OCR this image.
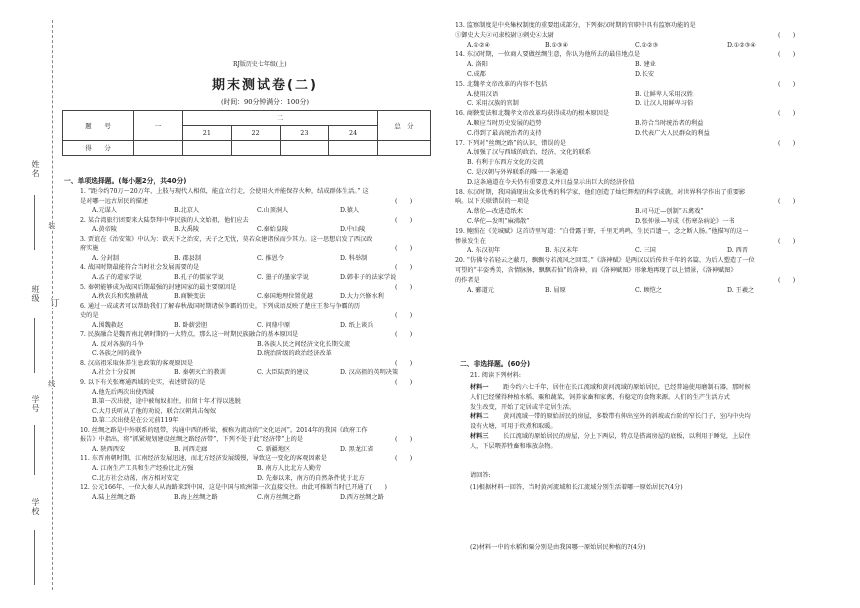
姓名
班级
学号
学校
装
订
线
RJ版历史七年级(上)
期末测试卷(二)
(时间：90分钟满分：100分)
题　　号	一	二				总　分
		21	22	23	24	
得　　分						
一、单项选择题。(每小题2分，共40分)
1. “距今约70万～20万年，上肢与现代人相似，能直立行走，会使用火并能保存火种，结成群体生活。” 这
是对哪一远古居民的描述	(　　)
A.元谋人	B.北京人	C.山顶洞人	D.猿人
2. 某合湾旅行团要来大陆祭拜中华民族的人文始祖，他们应去	(　　)
A.黄帝陵	B.大禹陵	C.秦始皇陵	D.中山陵
3. 贾谊在《治安策》中认为：欲天下之治安，天子之无忧，莫若众建诸侯而少其力。这一思想启发了西汉政
府实施	(　　)
A. 分封制	B. 郡县制	C. 推恩令	D. 科举制
4. 战国时期最能符合当时社会发展需要的是	(　　)
A.孟子的道家学说	B.孔子的儒家学说	C. 墨子的墨家学说	D.韩非子的法家学说
5. 秦朝能够成为战国后期最强的封建国家的最主要原因是	(　　)
A.秩农兵和奖励耕战	B.商鞅变法	C.秦国地理位置优越	D.大力兴修水利
6. 通过一成或者可以帮助我们了解春秋战国时期诸侯争霸的历史。下列成语反映了楚庄王参与争霸的历
史的是	(　　)
A.围魏救赵	B. 卧薪尝胆	C. 问鼎中原	D. 纸上谈兵
7. 民族融合是魏晋南北朝时期的一大特点，那么这一时期民族融合的基本原因是	(　　)
A. 反对各族的斗争	B.各族人民之间经济文化长期交流
C.各族之间的战争	D.统治阶级的政治经济改革
8. 汉高祖采取休养生息政策的客观原因是	(　　)
A.社会十分贫困	B. 秦朝灭亡的教训	C. 大臣陆贾的建议	D. 汉高祖的英明决策
9. 以下有关张骞通西域的史实，表述错误的是	(　　)
A.他先后两次出使西域
B.第一次出使，途中被匈奴扣住，扣留十年才得以逃脱
C.大月氏听从了他的劝说，联合汉朝共击匈奴
D.第二次出使是在公元前119年
10. 丝绸之路是中外联系的纽带，沟通中西的桥梁，被称为流动的“文化运河”。2014年的我国《政府工作
报告》中指出，将“抓紧规划建设丝绸之路经济带”，下列不处于此“经济带”上的是	(　　)
A. 陕西西安	B. 河西走廊	C. 新疆地区	D. 黑龙江省
11. 东晋南朝时期，江南经济发展迅速，而北方经济发展缓慢，导致这一变化的客观因素是	(　　)
A. 江南生产工具和生产经验比北方强	B. 南方人比北方人勤劳
C.北方社会动荡，南方相对安定	D. 先秦以来，南方的自然条件优于北方
12. 公元166年，一位大秦人从海路来到中国，这是中国与欧洲第一次直接交往。由此可推断当时已开通了(　　)
A.陆上丝绸之路	B.海上丝绸之路	C.南方丝绸之路	D.西方丝绸之路
13. 监察制度是中央集权制度的重要组成部分，下列秦汉时期的官职中具有监察功能的是
①御史大夫②司隶校尉③刺史④太尉	(　　)
A.①②④	B.①③④	C.①②③	D.①②③④
14. 东汉时期，一位商人要做丝绸生意，你认为他所去的最佳地点是	(　　)
A. 洛阳	B. 建业
C.成都	D.长安
15. 北魏孝文帝改革的内容不包括	(　　)
A.使用汉语	B. 让鲜卑人采用汉姓
C. 采用汉族的官制	D. 让汉人用鲜卑习俗
16. 商鞅变法和北魏孝文帝改革均获得成功的根本原因是	(　　)
A.顺应当时历史发展的趋势	B.符合当时统治者的利益
C.得到了最高统治者的支持	D.代表广大人民群众的利益
17. 下列对“丝绸之路”的认识，错误的是	(　　)
A.加强了汉与西域的政治、经济、文化的联系
B. 有利于东西方文化的交流
C. 是汉朝与外界联系的唯一一条通道
D.这条通道在今天仍有重要意义并日益显示出巨大的经济价值
18. 东汉时期，我国涌现出众多优秀的科学家，他们创造了灿烂辉煌的科学成就，对世界科学作出了重要影
响。以下关联错误的一项是	(　　)
A.蔡伦—改进造纸术	B.司马迁—创制“五禽戏”
C.华佗—发明“麻沸散”	D.张仲景—写成《伤寒杂病论》一书
19. 鲍照在《芜城赋》这首诗里写道：“白骨露于野，千里无鸡鸣，生民百遗一，念之断人肠。”他描写的这一
惨景发生在	(　　)
A. 东汉初年	B. 东汉末年	C. 三国	D. 西晋
20. “仿佛兮若轻云之蔽月，飘飘兮若流风之回雪。”《洛神赋》是两汉以后传世千年的名篇，为后人塑造了一位
可望的“丰姿秀美，含情脉脉，飘飘若仙”的洛神，而《洛神赋图》形象地再现了以上情景，《洛神赋图》
的作者是	(　　)
A. 郦道元	B. 屈原	C. 顾恺之	D. 王羲之
二、非选择题。(60分)
21. 阅读下列材料:
材料一 　距今约六七千年，居住在长江流域和黄河流域的原始居民，已经普遍使用磨制石器，那时候
人们已经懂得种植水稻、粟和蔬菜，饲养家畜和家禽，有稳定的食物来源。人们的生产生活方式
发生改变，开始了定居或半定居生活。
材料二 　黄河流域一带的原始居民的房屋，多数带有伸出室外的斜坡或台阶的窄长门子，室内中央均
设有火塘，可用于炊煮和取暖。
材料三 　长江流域的原始居民的房屋，分上下两层，特点是搭离房屋的底板，以利用于睡觉，上层住
人，下层喂养牲畜和堆放杂物。
请回答:
(1)根据材料一回答，当时黄河流域和长江流域分别生活着哪一原始居民?(4分)
(2)材料一中的水稻和粟分别是由我国哪一原始居民种植的?(4分)
